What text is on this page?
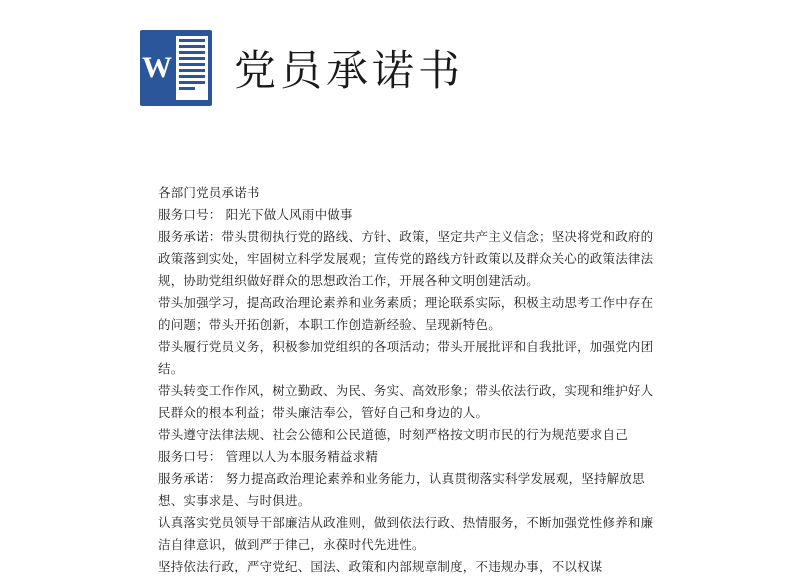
W 党员承诺书

各部门党员承诺书

服务口号： 阳光下做人风雨中做事

服务承诺：带头贯彻执行党的路线、方针、政策，坚定共产主义信念；坚决将党和政府的政策落到实处，牢固树立科学发展观；宣传党的路线方针政策以及群众关心的政策法律法规，协助党组织做好群众的思想政治工作，开展各种文明创建活动。

带头加强学习，提高政治理论素养和业务素质；理论联系实际，积极主动思考工作中存在的问题；带头开拓创新，本职工作创造新经验、呈现新特色。

带头履行党员义务，积极参加党组织的各项活动；带头开展批评和自我批评，加强党内团结。

带头转变工作作风，树立勤政、为民、务实、高效形象；带头依法行政，实现和维护好人民群众的根本利益；带头廉洁奉公，管好自己和身边的人。

带头遵守法律法规、社会公德和公民道德，时刻严格按文明市民的行为规范要求自己

服务口号： 管理以人为本服务精益求精

服务承诺： 努力提高政治理论素养和业务能力，认真贯彻落实科学发展观，坚持解放思想、实事求是、与时俱进。

认真落实党员领导干部廉洁从政准则，做到依法行政、热情服务，不断加强党性修养和廉洁自律意识，做到严于律己，永葆时代先进性。

坚持依法行政，严守党纪、国法、政策和内部规章制度，不违规办事，不以权谋
